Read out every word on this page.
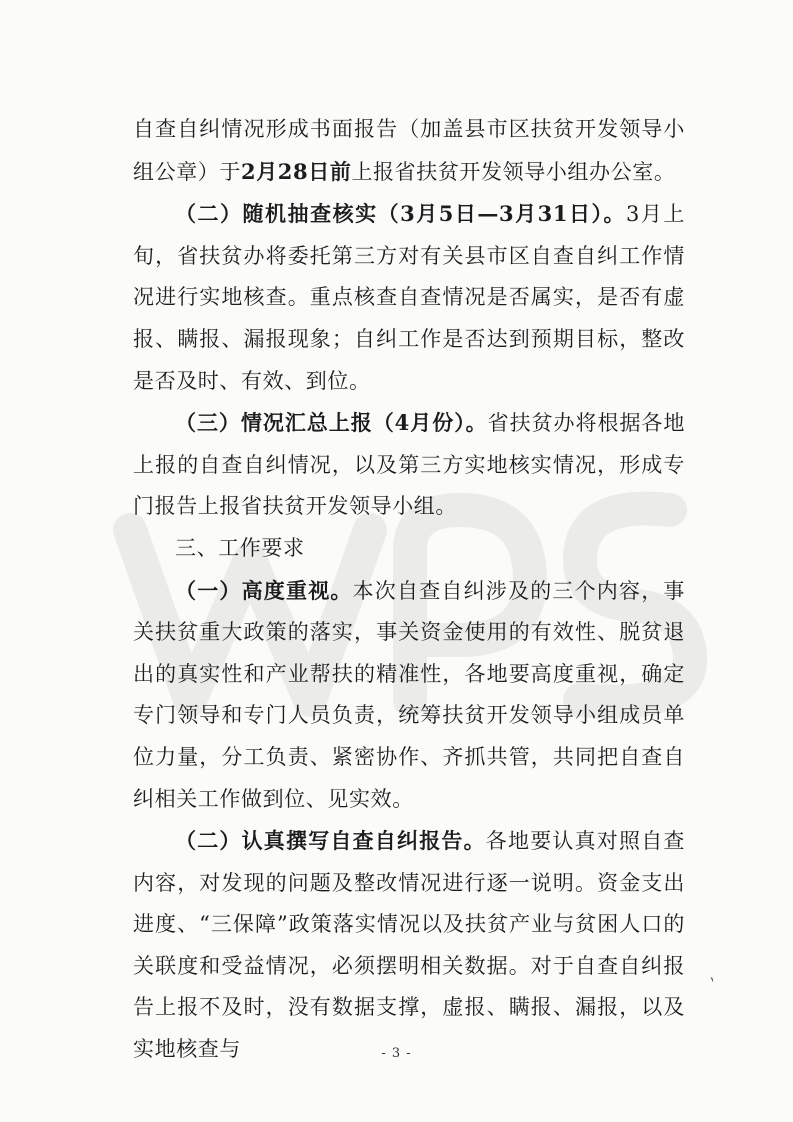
自查自纠情况形成书面报告（加盖县市区扶贫开发领导小组公章）于2月28日前上报省扶贫开发领导小组办公室。

（二）随机抽查核实（3月5日—3月31日）。3月上旬，省扶贫办将委托第三方对有关县市区自查自纠工作情况进行实地核查。重点核查自查情况是否属实，是否有虚报、瞒报、漏报现象；自纠工作是否达到预期目标，整改是否及时、有效、到位。

（三）情况汇总上报（4月份）。省扶贫办将根据各地上报的自查自纠情况，以及第三方实地核实情况，形成专门报告上报省扶贫开发领导小组。

三、工作要求

（一）高度重视。本次自查自纠涉及的三个内容，事关扶贫重大政策的落实，事关资金使用的有效性、脱贫退出的真实性和产业帮扶的精准性，各地要高度重视，确定专门领导和专门人员负责，统筹扶贫开发领导小组成员单位力量，分工负责、紧密协作、齐抓共管，共同把自查自纠相关工作做到位、见实效。

（二）认真撰写自查自纠报告。各地要认真对照自查内容，对发现的问题及整改情况进行逐一说明。资金支出进度、“三保障”政策落实情况以及扶贫产业与贫困人口的关联度和受益情况，必须摆明相关数据。对于自查自纠报告上报不及时，没有数据支撑，虚报、瞒报、漏报，以及实地核查与

ˋ
- 3 -
